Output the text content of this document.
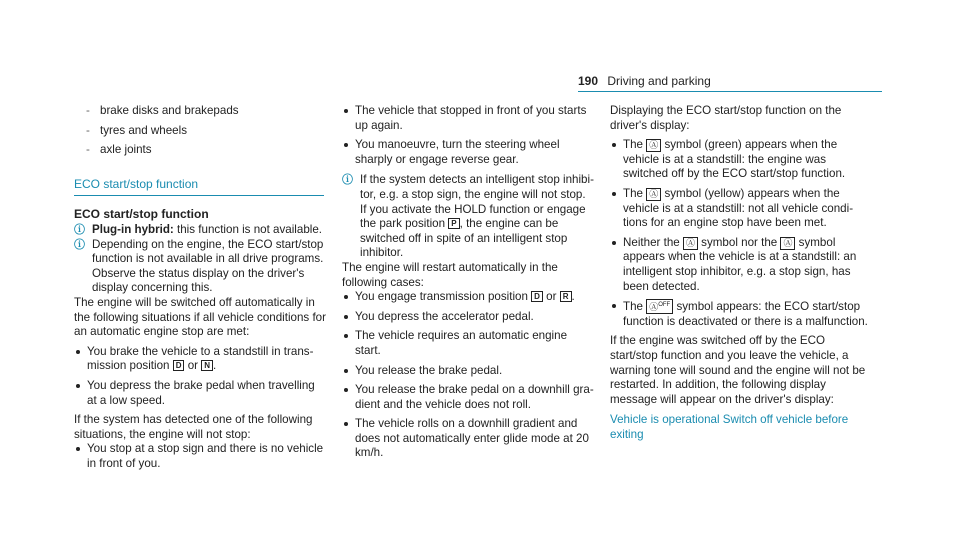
190 Driving and parking

- brake disks and brakepads

- tyres and wheels

- axle joints

ECO start/stop function

ECO start/stop function

ⓘ Plug-in hybrid: this function is not available.

ⓘ Depending on the engine, the ECO start/stop function is not available in all drive programs. Observe the status display on the driver's display concerning this.

The engine will be switched off automatically in the following situations if all vehicle conditions for an automatic engine stop are met:

You brake the vehicle to a standstill in transmission position D or N .

You depress the brake pedal when travelling at a low speed.

If the system has detected one of the following situations, the engine will not stop:

You stop at a stop sign and there is no vehicle in front of you.

The vehicle that stopped in front of you starts up again.

You manoeuvre, turn the steering wheel sharply or engage reverse gear.

ⓘ If the system detects an intelligent stop inhibitor, e.g. a stop sign, the engine will not stop. If you activate the HOLD function or engage the park position P , the engine can be switched off in spite of an intelligent stop inhibitor.

The engine will restart automatically in the following cases:

You engage transmission position D or R .

You depress the accelerator pedal.

The vehicle requires an automatic engine start.

You release the brake pedal.

You release the brake pedal on a downhill gradient and the vehicle does not roll.

The vehicle rolls on a downhill gradient and does not automatically enter glide mode at 20 km/h.

Displaying the ECO start/stop function on the driver's display:

The Ⓐ symbol (green) appears when the vehicle is at a standstill: the engine was switched off by the ECO start/stop function.

The Ⓐ symbol (yellow) appears when the vehicle is at a standstill: not all vehicle conditions for an engine stop have been met.

Neither the Ⓐ symbol nor the Ⓐ symbol appears when the vehicle is at a standstill: an intelligent stop inhibitor, e.g. a stop sign, has been detected.

The Ⓐ$^{OFF}$ symbol appears: the ECO start/stop function is deactivated or there is a malfunction.

If the engine was switched off by the ECO start/stop function and you leave the vehicle, a warning tone will sound and the engine will not be restarted. In addition, the following display message will appear on the driver's display:

Vehicle is operational Switch off vehicle before exiting
